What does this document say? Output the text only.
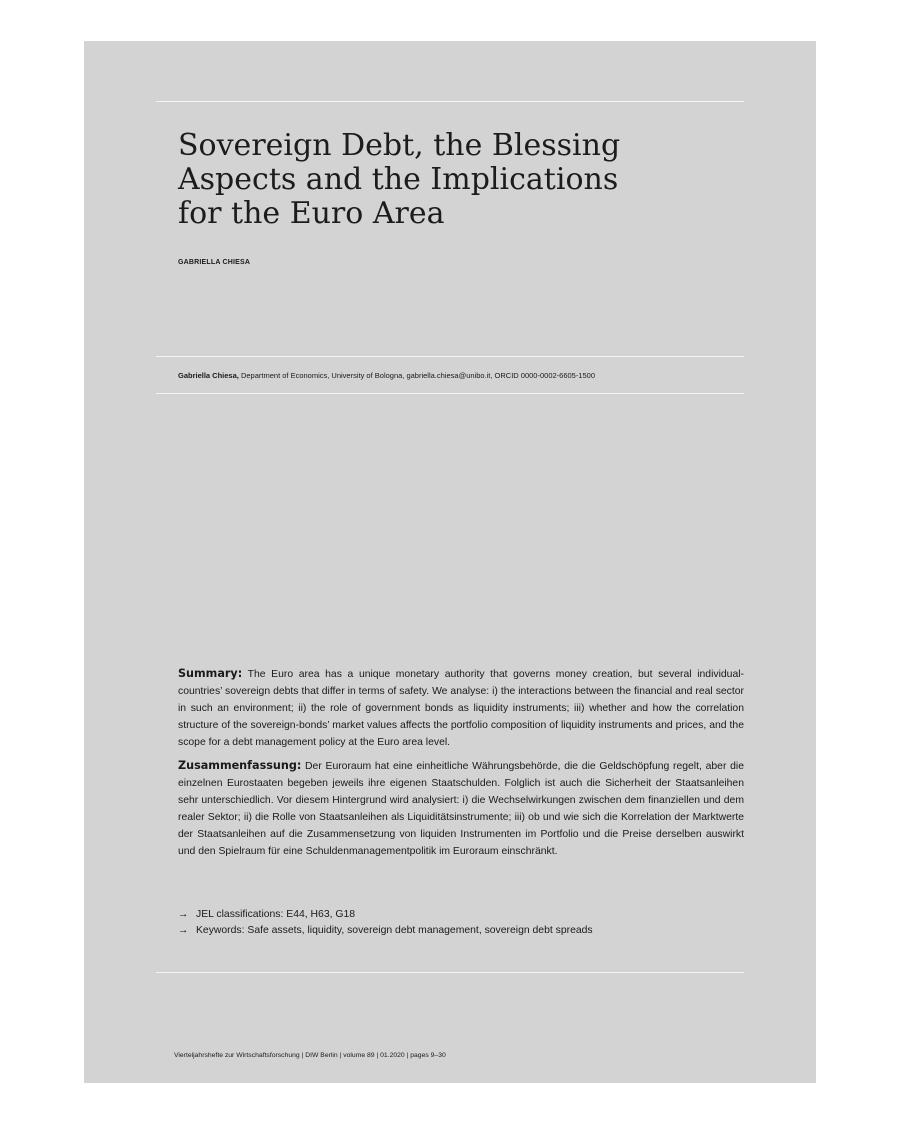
Sovereign Debt, the Blessing
Aspects and the Implications
for the Euro Area
GABRIELLA CHIESA
Gabriella Chiesa, Department of Economics, University of Bologna, gabriella.chiesa@unibo.it, ORCID 0000-0002-6605-1500

Summary: The Euro area has a unique monetary authority that governs money creation, but several individual-countries’ sovereign debts that differ in terms of safety. We analyse: i) the interactions between the financial and real sector in such an environment; ii) the role of government bonds as liquidity instruments; iii) whether and how the correlation structure of the sovereign-bonds’ market values affects the portfolio composition of liquidity instruments and prices, and the scope for a debt management policy at the Euro area level.

Zusammenfassung: Der Euroraum hat eine einheitliche Währungsbehörde, die die Geldschöpfung regelt, aber die einzelnen Eurostaaten begeben jeweils ihre eigenen Staatschulden. Folglich ist auch die Sicherheit der Staatsanleihen sehr unterschiedlich. Vor diesem Hintergrund wird analysiert: i) die Wechselwirkungen zwischen dem finanziellen und dem realer Sektor; ii) die Rolle von Staatsanleihen als Liquiditätsinstrumente; iii) ob und wie sich die Korrelation der Marktwerte der Staatsanleihen auf die Zusammensetzung von liquiden Instrumenten im Portfolio und die Preise derselben auswirkt und den Spielraum für eine Schuldenmanagementpolitik im Euroraum einschränkt.

→ JEL classifications: E44, H63, G18
→ Keywords: Safe assets, liquidity, sovereign debt management, sovereign debt spreads
Vierteljahrshefte zur Wirtschaftsforschung | DIW Berlin | volume 89 | 01.2020 | pages 9–30
